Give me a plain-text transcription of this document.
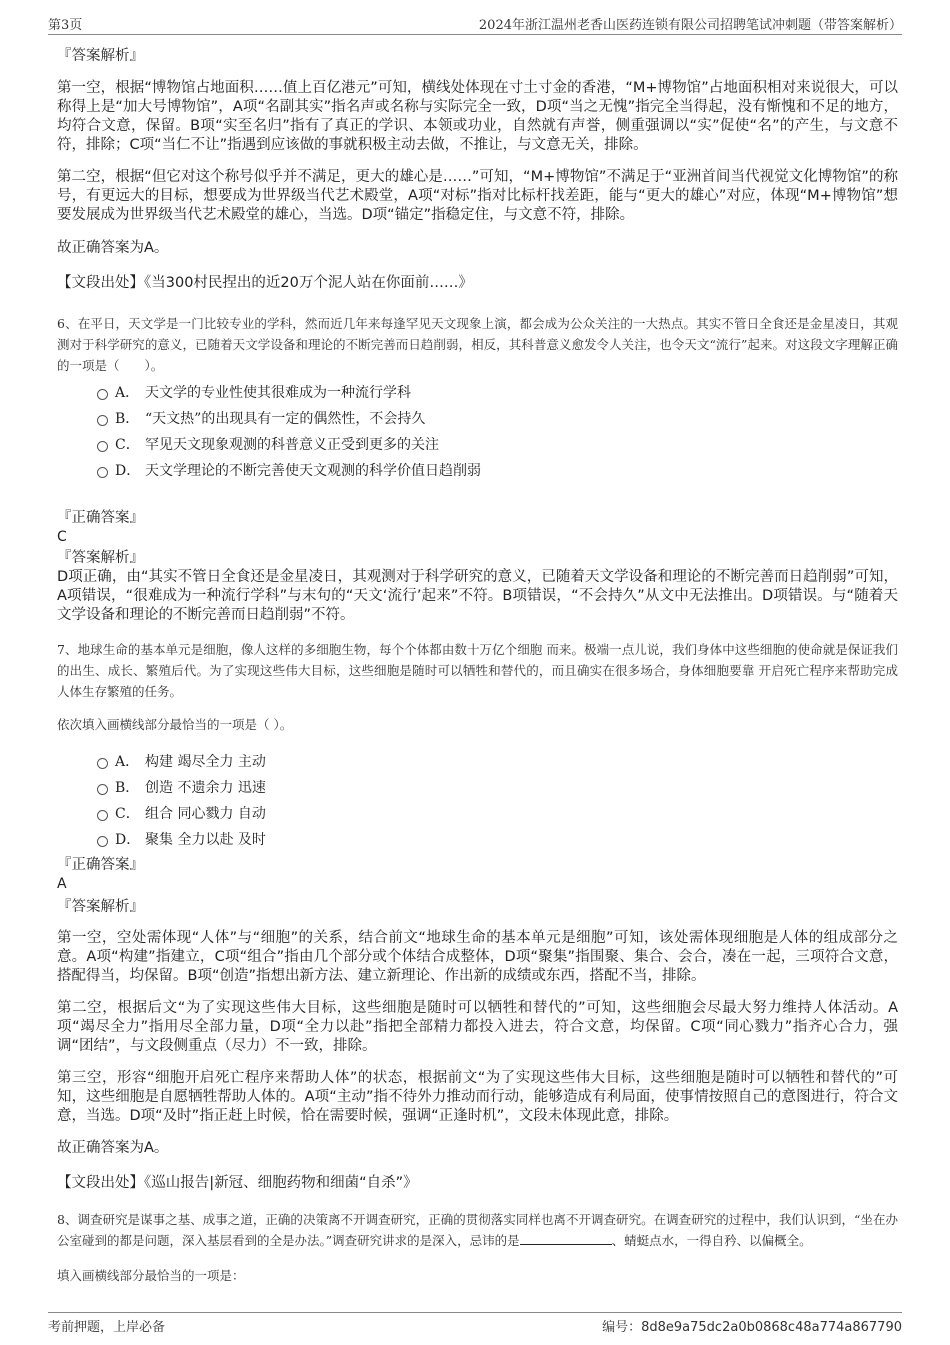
第3页	2024年浙江温州老香山医药连锁有限公司招聘笔试冲刺题（带答案解析）

『答案解析』

第一空，根据“博物馆占地面积……值上百亿港元”可知，横线处体现在寸土寸金的香港，“M+博物馆”占地面积相对来说很大，可以称得上是“加大号博物馆”，A项“名副其实”指名声或名称与实际完全一致，D项“当之无愧”指完全当得起，没有惭愧和不足的地方，均符合文意，保留。B项“实至名归”指有了真正的学识、本领或功业，自然就有声誉，侧重强调以“实”促使“名”的产生，与文意不符，排除；C项“当仁不让”指遇到应该做的事就积极主动去做，不推让，与文意无关，排除。

第二空，根据“但它对这个称号似乎并不满足，更大的雄心是……”可知，“M+博物馆”不满足于“亚洲首间当代视觉文化博物馆”的称号，有更远大的目标，想要成为世界级当代艺术殿堂，A项“对标”指对比标杆找差距，能与“更大的雄心”对应，体现“M+博物馆”想要发展成为世界级当代艺术殿堂的雄心，当选。D项“锚定”指稳定住，与文意不符，排除。

故正确答案为A。

【文段出处】《当300村民捏出的近20万个泥人站在你面前……》

6、在平日，天文学是一门比较专业的学科，然而近几年来每逢罕见天文现象上演，都会成为公众关注的一大热点。其实不管日全食还是金星凌日，其观测对于科学研究的意义，已随着天文学设备和理论的不断完善而日趋削弱，相反，其科普意义愈发令人关注，也令天文“流行”起来。对这段文字理解正确的一项是（　　）。

A． 天文学的专业性使其很难成为一种流行学科
B． “天文热”的出现具有一定的偶然性，不会持久
C． 罕见天文现象观测的科普意义正受到更多的关注
D． 天文学理论的不断完善使天文观测的科学价值日趋削弱

『正确答案』

C

『答案解析』

D项正确，由“其实不管日全食还是金星凌日，其观测对于科学研究的意义，已随着天文学设备和理论的不断完善而日趋削弱”可知，A项错误，“很难成为一种流行学科”与末句的“天文‘流行’起来”不符。B项错误，“不会持久”从文中无法推出。D项错误。与“随着天文学设备和理论的不断完善而日趋削弱”不符。

7、地球生命的基本单元是细胞，像人这样的多细胞生物，每个个体都由数十万亿个细胞 而来。极端一点儿说，我们身体中这些细胞的使命就是保证我们的出生、成长、繁殖后代。为了实现这些伟大目标，这些细胞是随时可以牺牲和替代的，而且确实在很多场合，身体细胞要靠 开启死亡程序来帮助完成人体生存繁殖的任务。

依次填入画横线部分最恰当的一项是（ ）。

A． 构建 竭尽全力 主动
B． 创造 不遗余力 迅速
C． 组合 同心戮力 自动
D． 聚集 全力以赴 及时

『正确答案』

A

『答案解析』

第一空，空处需体现“人体”与“细胞”的关系，结合前文“地球生命的基本单元是细胞”可知，该处需体现细胞是人体的组成部分之意。A项“构建”指建立，C项“组合”指由几个部分或个体结合成整体，D项“聚集”指围聚、集合、会合，凑在一起，三项符合文意，搭配得当，均保留。B项“创造”指想出新方法、建立新理论、作出新的成绩或东西，搭配不当，排除。

第二空，根据后文“为了实现这些伟大目标，这些细胞是随时可以牺牲和替代的”可知，这些细胞会尽最大努力维持人体活动。A项“竭尽全力”指用尽全部力量，D项“全力以赴”指把全部精力都投入进去，符合文意，均保留。C项“同心戮力”指齐心合力，强调“团结”，与文段侧重点（尽力）不一致，排除。

第三空，形容“细胞开启死亡程序来帮助人体”的状态，根据前文“为了实现这些伟大目标，这些细胞是随时可以牺牲和替代的”可知，这些细胞是自愿牺牲帮助人体的。A项“主动”指不待外力推动而行动，能够造成有利局面，使事情按照自己的意图进行，符合文意，当选。D项“及时”指正赶上时候，恰在需要时候，强调“正逢时机”，文段未体现此意，排除。

故正确答案为A。

【文段出处】《巡山报告|新冠、细胞药物和细菌“自杀”》

8、调查研究是谋事之基、成事之道，正确的决策离不开调查研究，正确的贯彻落实同样也离不开调查研究。在调查研究的过程中，我们认识到，“坐在办公室碰到的都是问题，深入基层看到的全是办法。”调查研究讲求的是深入，忌讳的是	、蜻蜓点水，一得自矜、以偏概全。

填入画横线部分最恰当的一项是：

考前押题，上岸必备	编号：8d8e9a75dc2a0b0868c48a774a867790
